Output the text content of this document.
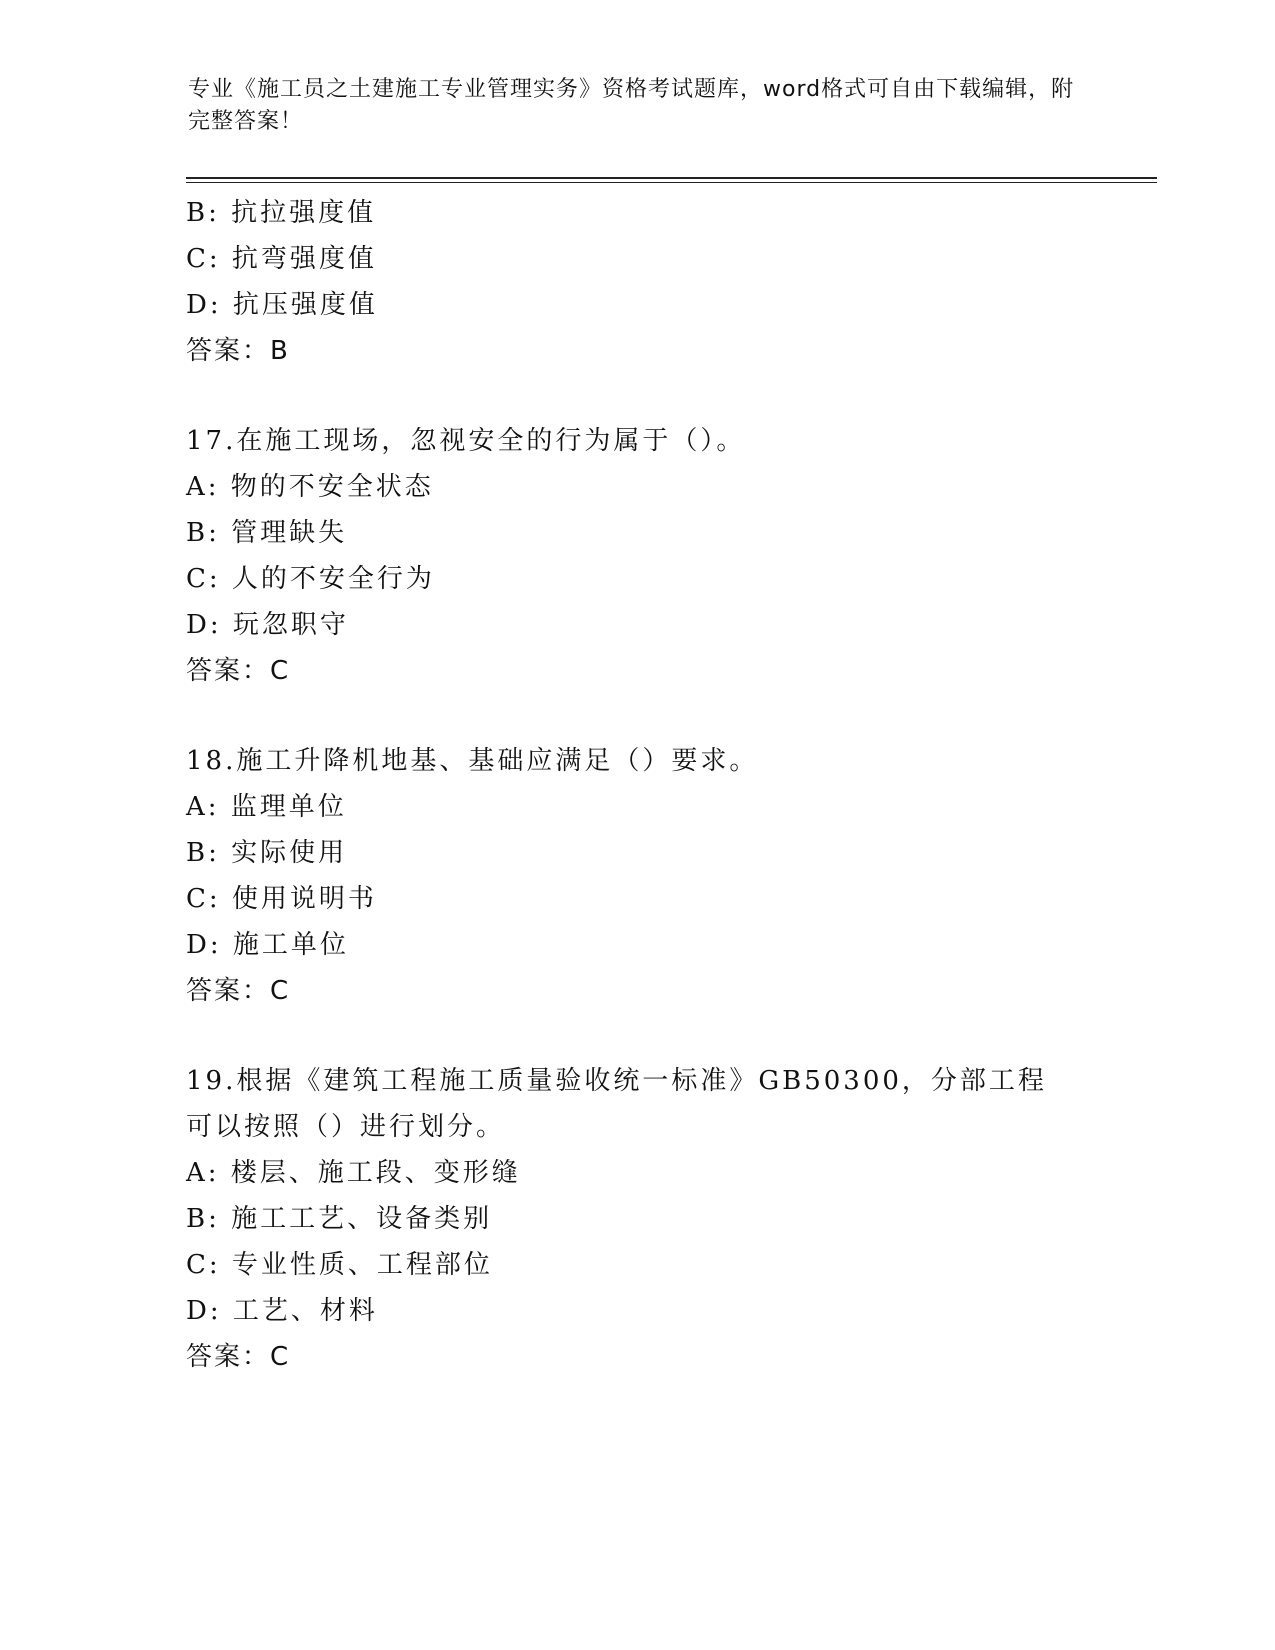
专业《施工员之土建施工专业管理实务》资格考试题库，word格式可自由下载编辑，附完整答案！
B: 抗拉强度值
C: 抗弯强度值
D: 抗压强度值
答案：B
17.在施工现场，忽视安全的行为属于（）。
A: 物的不安全状态
B: 管理缺失
C: 人的不安全行为
D: 玩忽职守
答案：C
18.施工升降机地基、基础应满足（）要求。
A: 监理单位
B: 实际使用
C: 使用说明书
D: 施工单位
答案：C
19.根据《建筑工程施工质量验收统一标准》GB50300，分部工程可以按照（）进行划分。
A: 楼层、施工段、变形缝
B: 施工工艺、设备类别
C: 专业性质、工程部位
D: 工艺、材料
答案：C
